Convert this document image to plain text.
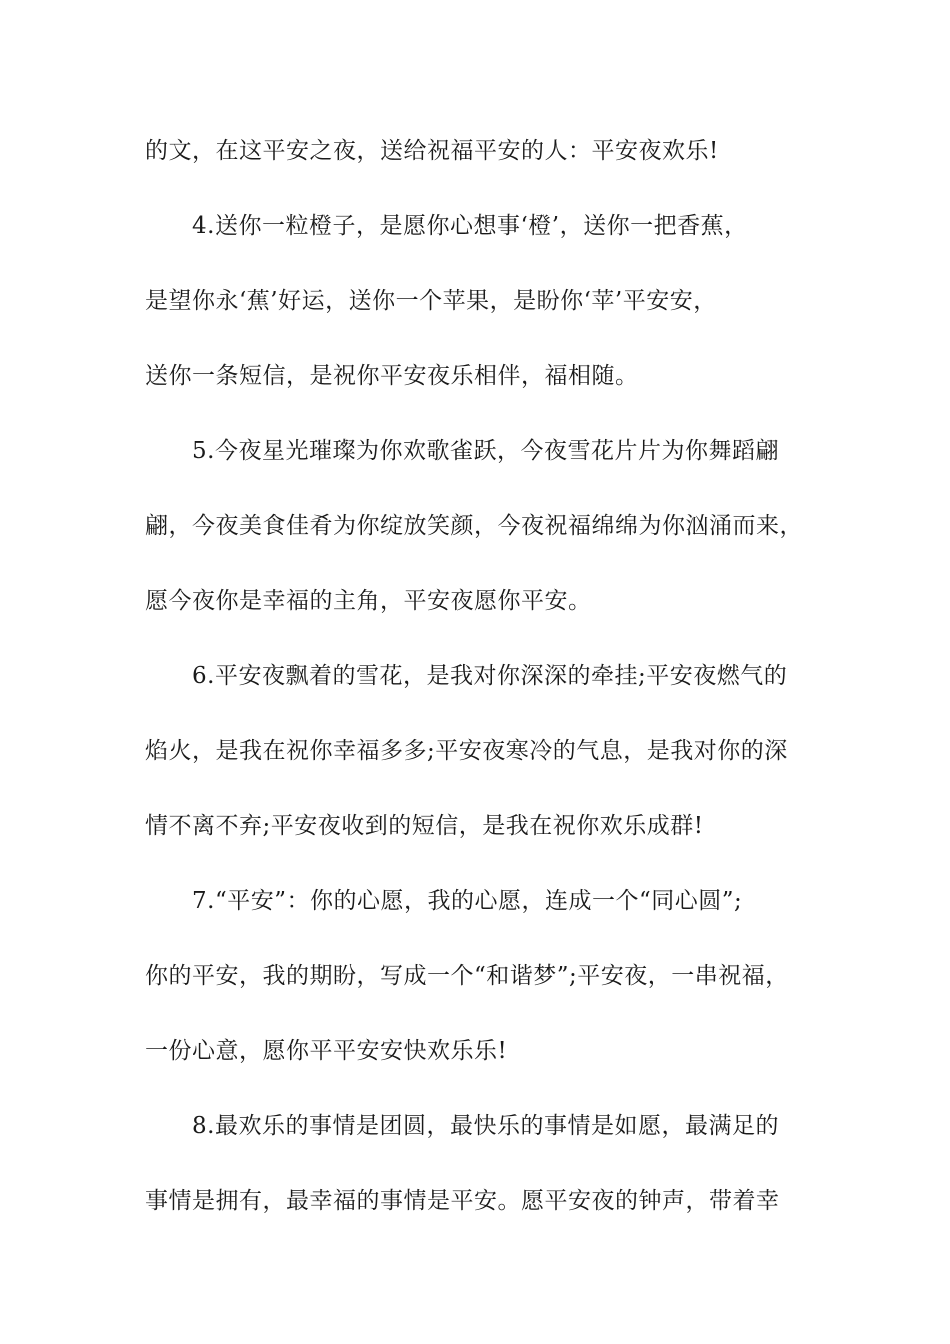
的文，在这平安之夜，送给祝福平安的人：平安夜欢乐!
4.送你一粒橙子，是愿你心想事‘橙’，送你一把香蕉，
是望你永‘蕉’好运，送你一个苹果，是盼你‘苹’平安安，
送你一条短信，是祝你平安夜乐相伴，福相随。
5.今夜星光璀璨为你欢歌雀跃，今夜雪花片片为你舞蹈翩
翩，今夜美食佳肴为你绽放笑颜，今夜祝福绵绵为你汹涌而来，
愿今夜你是幸福的主角，平安夜愿你平安。
6.平安夜飘着的雪花，是我对你深深的牵挂;平安夜燃气的
焰火，是我在祝你幸福多多;平安夜寒冷的气息，是我对你的深
情不离不弃;平安夜收到的短信，是我在祝你欢乐成群!
7.“平安”：你的心愿，我的心愿，连成一个“同心圆”;
你的平安，我的期盼，写成一个“和谐梦”;平安夜，一串祝福，
一份心意，愿你平平安安快欢乐乐!
8.最欢乐的事情是团圆，最快乐的事情是如愿，最满足的
事情是拥有，最幸福的事情是平安。愿平安夜的钟声，带着幸
